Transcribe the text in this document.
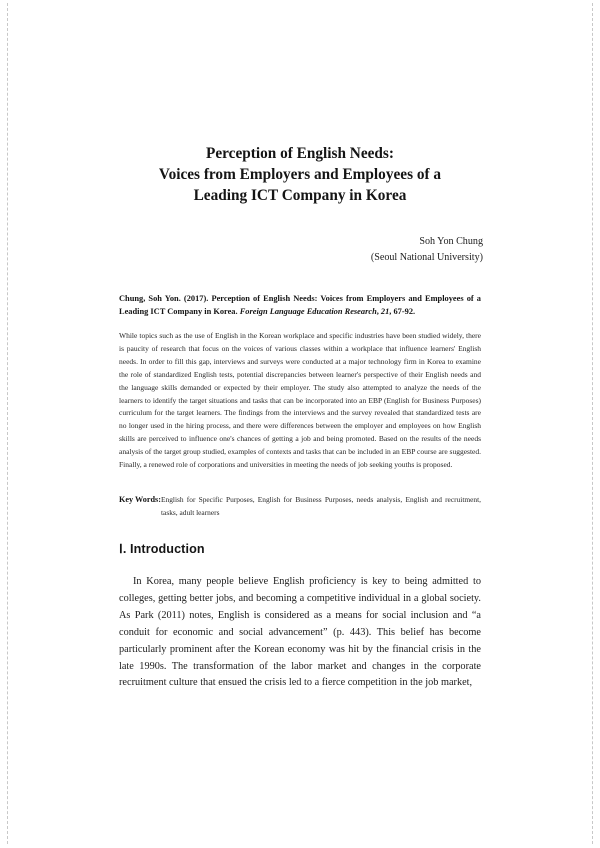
Perception of English Needs:
Voices from Employers and Employees of a
Leading ICT Company in Korea
Soh Yon Chung
(Seoul National University)
Chung, Soh Yon. (2017). Perception of English Needs: Voices from Employers and Employees of a Leading ICT Company in Korea. Foreign Language Education Research, 21, 67-92.
While topics such as the use of English in the Korean workplace and specific industries have been studied widely, there is paucity of research that focus on the voices of various classes within a workplace that influence learners' English needs. In order to fill this gap, interviews and surveys were conducted at a major technology firm in Korea to examine the role of standardized English tests, potential discrepancies between learner's perspective of their English needs and the language skills demanded or expected by their employer. The study also attempted to analyze the needs of the learners to identify the target situations and tasks that can be incorporated into an EBP (English for Business Purposes) curriculum for the target learners. The findings from the interviews and the survey revealed that standardized tests are no longer used in the hiring process, and there were differences between the employer and employees on how English skills are perceived to influence one's chances of getting a job and being promoted. Based on the results of the needs analysis of the target group studied, examples of contexts and tasks that can be included in an EBP course are suggested. Finally, a renewed role of corporations and universities in meeting the needs of job seeking youths is proposed.
Key Words: English for Specific Purposes, English for Business Purposes, needs analysis, English and recruitment, tasks, adult learners
Ⅰ. Introduction
In Korea, many people believe English proficiency is key to being admitted to colleges, getting better jobs, and becoming a competitive individual in a global society. As Park (2011) notes, English is considered as a means for social inclusion and “a conduit for economic and social advancement” (p. 443). This belief has become particularly prominent after the Korean economy was hit by the financial crisis in the late 1990s. The transformation of the labor market and changes in the corporate recruitment culture that ensued the crisis led to a fierce competition in the job market,
